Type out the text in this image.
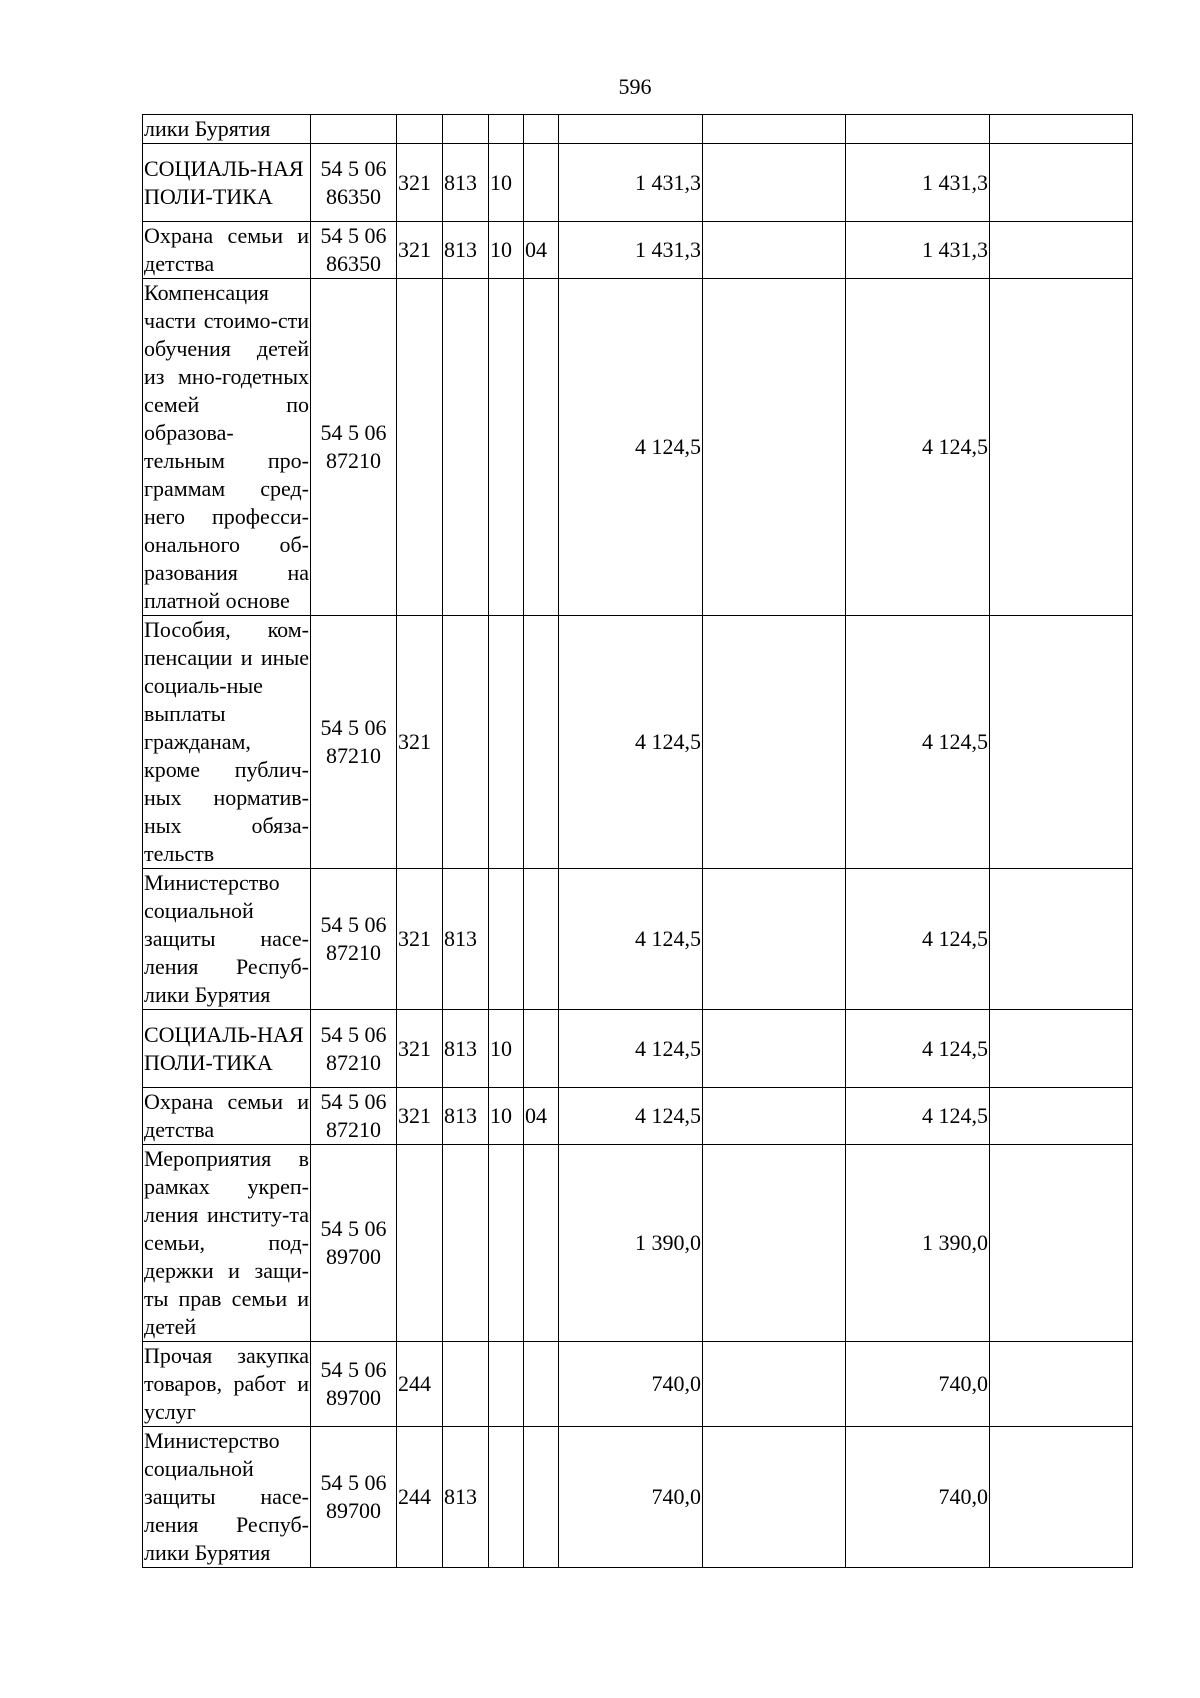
596
лики Бурятия									
СОЦИАЛЬ-НАЯ ПОЛИ-ТИКА	54 5 06 86350	321	813	10		1 431,3		1 431,3	
Охрана семьи и детства	54 5 06 86350	321	813	10	04	1 431,3		1 431,3	
Компенсация части стоимо-сти обучения детей из мно-годетных семей по образова-тельным про-граммам сред-него професси-онального об-разования на платной основе	54 5 06 87210					4 124,5		4 124,5	
Пособия, ком-пенсации и иные социаль-ные выплаты гражданам, кроме публич-ных норматив-ных обяза-тельств	54 5 06 87210	321				4 124,5		4 124,5	
Министерство социальной защиты насе-ления Респуб-лики Бурятия	54 5 06 87210	321	813			4 124,5		4 124,5	
СОЦИАЛЬ-НАЯ ПОЛИ-ТИКА	54 5 06 87210	321	813	10		4 124,5		4 124,5	
Охрана семьи и детства	54 5 06 87210	321	813	10	04	4 124,5		4 124,5	
Мероприятия в рамках укреп-ления институ-та семьи, под-держки и защи-ты прав семьи и детей	54 5 06 89700					1 390,0		1 390,0	
Прочая закупка товаров, работ и услуг	54 5 06 89700	244				740,0		740,0	
Министерство социальной защиты насе-ления Респуб-лики Бурятия	54 5 06 89700	244	813			740,0		740,0	
